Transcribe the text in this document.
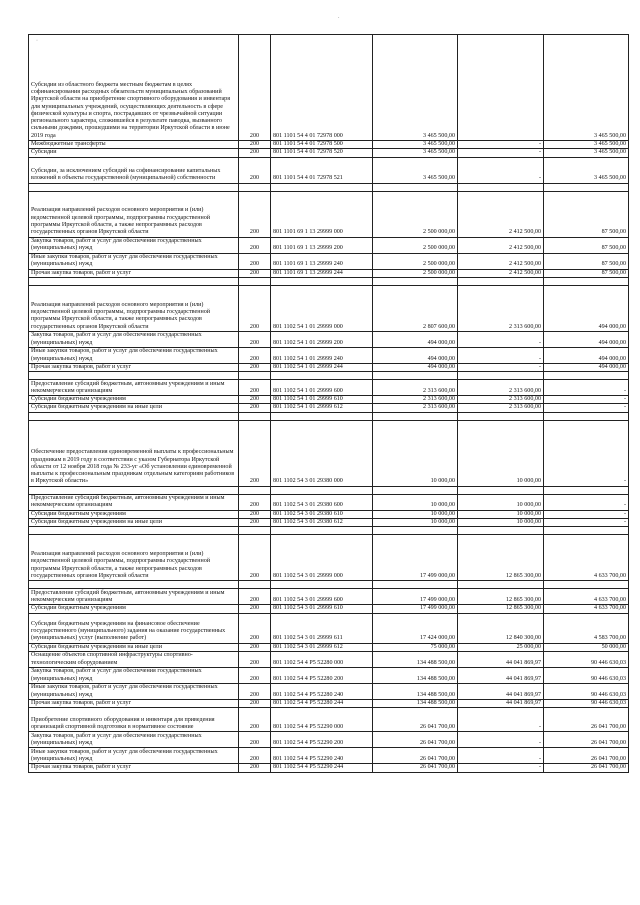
.
·
Субсидии из областного бюджета местным бюджетам в целях софинансирования расходных обязательств муниципальных образований Иркутской области на приобретение спортивного оборудования и инвентаря для муниципальных учреждений, осуществляющих деятельность в сфере физической культуры и спорта, пострадавших от чрезвычайной ситуации регионального характера, сложившейся в результате паводка, вызванного сильными дождями, прошедшими на территории Иркутской области в июне 2019 года	200	801 1101 54 4 01 72978 000	3 465 500,00		3 465 500,00
Межбюджетные трансферты	200	801 1101 54 4 01 72978 500	3 465 500,00	-	3 465 500,00
Субсидии	200	801 1101 54 4 01 72978 520	3 465 500,00	-	3 465 500,00
Субсидии, за исключением субсидий на софинансирование капитальных вложений в объекты государственной (муниципальной) собственности	200	801 1101 54 4 01 72978 521	3 465 500,00	-	3 465 500,00

Реализация направлений расходов основного мероприятия и (или) ведомственной целевой программы, подпрограммы государственной программы Иркутской области, а также непрограммных расходов государственных органов Иркутской области	200	801 1101 69 1 13 29999 000	2 500 000,00	2 412 500,00	87 500,00
Закупка товаров, работ и услуг для обеспечения государственных (муниципальных) нужд	200	801 1101 69 1 13 29999 200	2 500 000,00	2 412 500,00	87 500,00
Иные закупки товаров, работ и услуг для обеспечения государственных (муниципальных) нужд	200	801 1101 69 1 13 29999 240	2 500 000,00	2 412 500,00	87 500,00
Прочая закупка товаров, работ и услуг	200	801 1101 69 1 13 29999 244	2 500 000,00	2 412 500,00	87 500,00

Реализация направлений расходов основного мероприятия и (или) ведомственной целевой программы, подпрограммы государственной программы Иркутской области, а также непрограммных расходов государственных органов Иркутской области	200	801 1102 54 1 01 29999 000	2 807 600,00	2 313 600,00	494 000,00
Закупка товаров, работ и услуг для обеспечения государственных (муниципальных) нужд	200	801 1102 54 1 01 29999 200	494 000,00	-	494 000,00
Иные закупки товаров, работ и услуг для обеспечения государственных (муниципальных) нужд	200	801 1102 54 1 01 29999 240	494 000,00	-	494 000,00
Прочая закупка товаров, работ и услуг	200	801 1102 54 1 01 29999 244	494 000,00	-	494 000,00

Предоставление субсидий бюджетным, автономным учреждениям и иным некоммерческим организациям	200	801 1102 54 1 01 29999 600	2 313 600,00	2 313 600,00	-
Субсидии бюджетным учреждениям	200	801 1102 54 1 01 29999 610	2 313 600,00	2 313 600,00	-
Субсидии бюджетным учреждениям на иные цели	200	801 1102 54 1 01 29999 612	2 313 600,00	2 313 600,00	-

Обеспечение предоставления единовременной выплаты к профессиональным праздникам в 2019 году в соответствии с указом Губернатора Иркутской области от 12 ноября 2018 года № 233-уг «Об установлении единовременной выплаты к профессиональным праздникам отдельным категориям работников в Иркутской области»	200	801 1102 54 3 01 29380 000	10 000,00	10 000,00	-

Предоставление субсидий бюджетным, автономным учреждениям и иным некоммерческим организациям	200	801 1102 54 3 01 29380 600	10 000,00	10 000,00	-
Субсидии бюджетным учреждениям	200	801 1102 54 3 01 29380 610	10 000,00	10 000,00	-
Субсидии бюджетным учреждениям на иные цели	200	801 1102 54 3 01 29380 612	10 000,00	10 000,00	-

Реализация направлений расходов основного мероприятия и (или) ведомственной целевой программы, подпрограммы государственной программы Иркутской области, а также непрограммных расходов государственных органов Иркутской области	200	801 1102 54 3 01 29999 000	17 499 000,00	12 865 300,00	4 633 700,00

Предоставление субсидий бюджетным, автономным учреждениям и иным некоммерческим организациям	200	801 1102 54 3 01 29999 600	17 499 000,00	12 865 300,00	4 633 700,00
Субсидии бюджетным учреждениям	200	801 1102 54 3 01 29999 610	17 499 000,00	12 865 300,00	4 633 700,00
Субсидии бюджетным учреждениям на финансовое обеспечение государственного (муниципального) задания на оказание государственных (муниципальных) услуг (выполнение работ)	200	801 1102 54 3 01 29999 611	17 424 000,00	12 840 300,00	4 583 700,00
Субсидии бюджетным учреждениям на иные цели	200	801 1102 54 3 01 29999 612	75 000,00	25 000,00	50 000,00
Оснащение объектов спортивной инфраструктуры спортивно-технологическим оборудованием	200	801 1102 54 4 P5 52280 000	134 488 500,00	44 041 869,97	90 446 630,03
Закупка товаров, работ и услуг для обеспечения государственных (муниципальных) нужд	200	801 1102 54 4 P5 52280 200	134 488 500,00	44 041 869,97	90 446 630,03
Иные закупки товаров, работ и услуг для обеспечения государственных (муниципальных) нужд	200	801 1102 54 4 P5 52280 240	134 488 500,00	44 041 869,97	90 446 630,03
Прочая закупка товаров, работ и услуг	200	801 1102 54 4 P5 52280 244	134 488 500,00	44 041 869,97	90 446 630,03
Приобретение спортивного оборудования и инвентаря для приведения организаций спортивной подготовки в нормативное состояние	200	801 1102 54 4 P5 52290 000	26 041 700,00	-	26 041 700,00
Закупка товаров, работ и услуг для обеспечения государственных (муниципальных) нужд	200	801 1102 54 4 P5 52290 200	26 041 700,00	-	26 041 700,00
Иные закупки товаров, работ и услуг для обеспечения государственных (муниципальных) нужд	200	801 1102 54 4 P5 52290 240	26 041 700,00	-	26 041 700,00
Прочая закупка товаров, работ и услуг	200	801 1102 54 4 P5 52290 244	26 041 700,00	-	26 041 700,00
